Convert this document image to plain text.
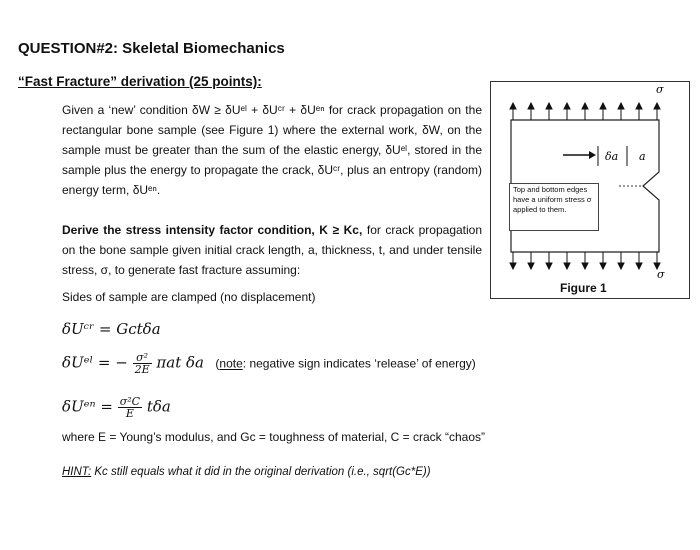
QUESTION#2: Skeletal Biomechanics
“Fast Fracture” derivation (25 points):
Given a ‘new’ condition δW ≥ δUᵉˡ + δUᶜʳ + δUᵉⁿ for crack propagation on the rectangular bone sample (see Figure 1) where the external work, δW, on the sample must be greater than the sum of the elastic energy, δUᵉˡ, stored in the sample plus the energy to propagate the crack, δUᶜʳ, plus an entropy (random) energy term, δUᵉⁿ.
Derive the stress intensity factor condition, K ≥ Kᴄ, for crack propagation on the bone sample given initial crack length, a, thickness, t, and under tensile stress, σ, to generate fast fracture assuming:
Sides of sample are clamped (no displacement)
δUᶜʳ = Gᴄtδa
δUᵉˡ = − $\frac{\text{σ²}}{2E}$ πat δa (note: negative sign indicates ‘release’ of energy)
δUᵉⁿ = $\frac{\text{σ²C}}{E}$ tδa
where E = Young’s modulus, and Gᴄ = toughness of material, C = crack “chaos”
HINT: Kc still equals what it did in the original derivation (i.e., sqrt(Gc*E))
δa a
σ
σ
Top and bottom edges have a uniform stress σ applied to them.
Figure 1
